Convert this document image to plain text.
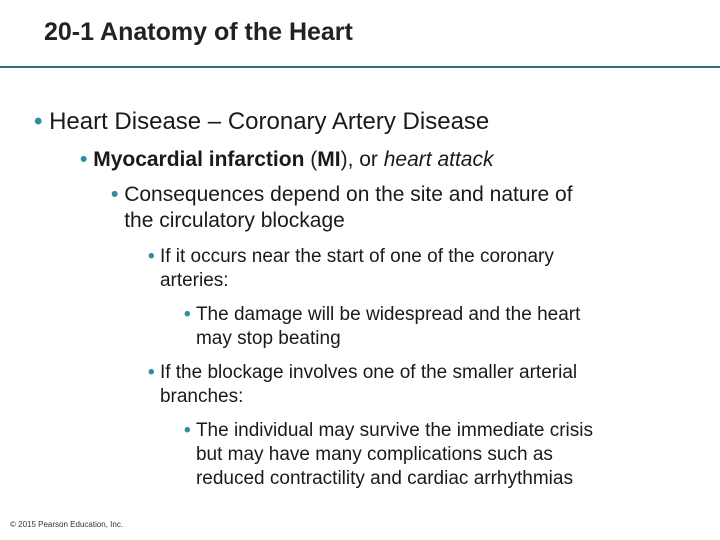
20-1 Anatomy of the Heart
• Heart Disease – Coronary Artery Disease
• Myocardial infarction (MI), or heart attack
• Consequences depend on the site and nature of
the circulatory blockage
• If it occurs near the start of one of the coronary
arteries:
• The damage will be widespread and the heart
may stop beating
• If the blockage involves one of the smaller arterial
branches:
• The individual may survive the immediate crisis
but may have many complications such as
reduced contractility and cardiac arrhythmias
© 2015 Pearson Education, Inc.
